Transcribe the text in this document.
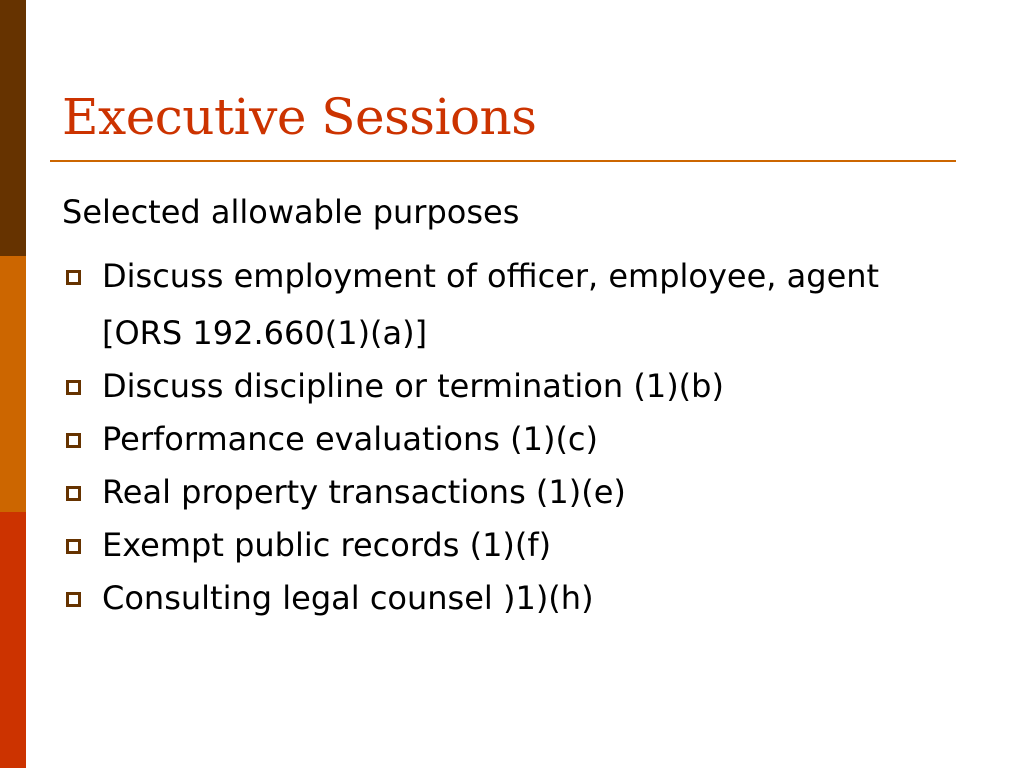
Executive Sessions

Selected allowable purposes

Discuss employment of officer, employee, agent [ORS 192.660(1)(a)]
Discuss discipline or termination (1)(b)
Performance evaluations (1)(c)
Real property transactions (1)(e)
Exempt public records (1)(f)
Consulting legal counsel )1)(h)
